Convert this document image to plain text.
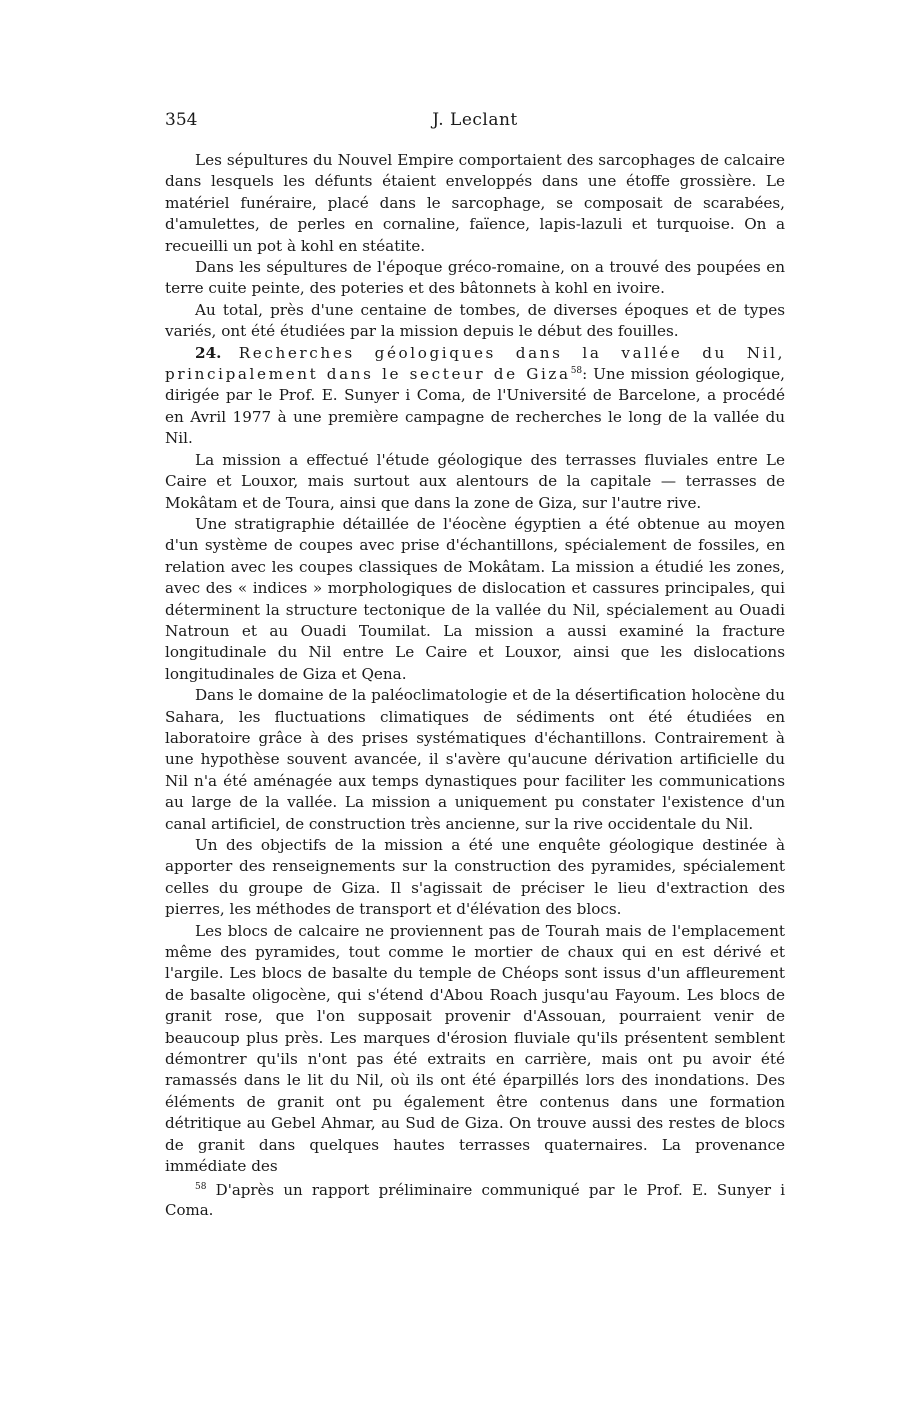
354	J. Leclant

Les sépultures du Nouvel Empire comportaient des sarcophages de calcaire dans lesquels les défunts étaient enveloppés dans une étoffe grossière. Le matériel funéraire, placé dans le sarcophage, se composait de scarabées, d'amulettes, de perles en cornaline, faïence, lapis-lazuli et turquoise. On a recueilli un pot à kohl en stéatite.

Dans les sépultures de l'époque gréco-romaine, on a trouvé des poupées en terre cuite peinte, des poteries et des bâtonnets à kohl en ivoire.

Au total, près d'une centaine de tombes, de diverses époques et de types variés, ont été étudiées par la mission depuis le début des fouilles.

24. Recherches géologiques dans la vallée du Nil, principalement dans le secteur de Giza$^{58}$: Une mission géologique, dirigée par le Prof. E. Sunyer i Coma, de l'Université de Barcelone, a procédé en Avril 1977 à une première campagne de recherches le long de la vallée du Nil.

La mission a effectué l'étude géologique des terrasses fluviales entre Le Caire et Louxor, mais surtout aux alentours de la capitale — terrasses de Mokâtam et de Toura, ainsi que dans la zone de Giza, sur l'autre rive.

Une stratigraphie détaillée de l'éocène égyptien a été obtenue au moyen d'un système de coupes avec prise d'échantillons, spécialement de fossiles, en relation avec les coupes classiques de Mokâtam. La mission a étudié les zones, avec des « indices » morphologiques de dislocation et cassures principales, qui déterminent la structure tectonique de la vallée du Nil, spécialement au Ouadi Natroun et au Ouadi Toumilat. La mission a aussi examiné la fracture longitudinale du Nil entre Le Caire et Louxor, ainsi que les dislocations longitudinales de Giza et Qena.

Dans le domaine de la paléoclimatologie et de la désertification holocène du Sahara, les fluctuations climatiques de sédiments ont été étudiées en laboratoire grâce à des prises systématiques d'échantillons. Contrairement à une hypothèse souvent avancée, il s'avère qu'aucune dérivation artificielle du Nil n'a été aménagée aux temps dynastiques pour faciliter les communications au large de la vallée. La mission a uniquement pu constater l'existence d'un canal artificiel, de construction très ancienne, sur la rive occidentale du Nil.

Un des objectifs de la mission a été une enquête géologique destinée à apporter des renseignements sur la construction des pyramides, spécialement celles du groupe de Giza. Il s'agissait de préciser le lieu d'extraction des pierres, les méthodes de transport et d'élévation des blocs.

Les blocs de calcaire ne proviennent pas de Tourah mais de l'emplacement même des pyramides, tout comme le mortier de chaux qui en est dérivé et l'argile. Les blocs de basalte du temple de Chéops sont issus d'un affleurement de basalte oligocène, qui s'étend d'Abou Roach jusqu'au Fayoum. Les blocs de granit rose, que l'on supposait provenir d'Assouan, pourraient venir de beaucoup plus près. Les marques d'érosion fluviale qu'ils présentent semblent démontrer qu'ils n'ont pas été extraits en carrière, mais ont pu avoir été ramassés dans le lit du Nil, où ils ont été éparpillés lors des inondations. Des éléments de granit ont pu également être contenus dans une formation détritique au Gebel Ahmar, au Sud de Giza. On trouve aussi des restes de blocs de granit dans quelques hautes terrasses quaternaires. La provenance immédiate des

$^{58}$ D'après un rapport préliminaire communiqué par le Prof. E. Sunyer i Coma.
